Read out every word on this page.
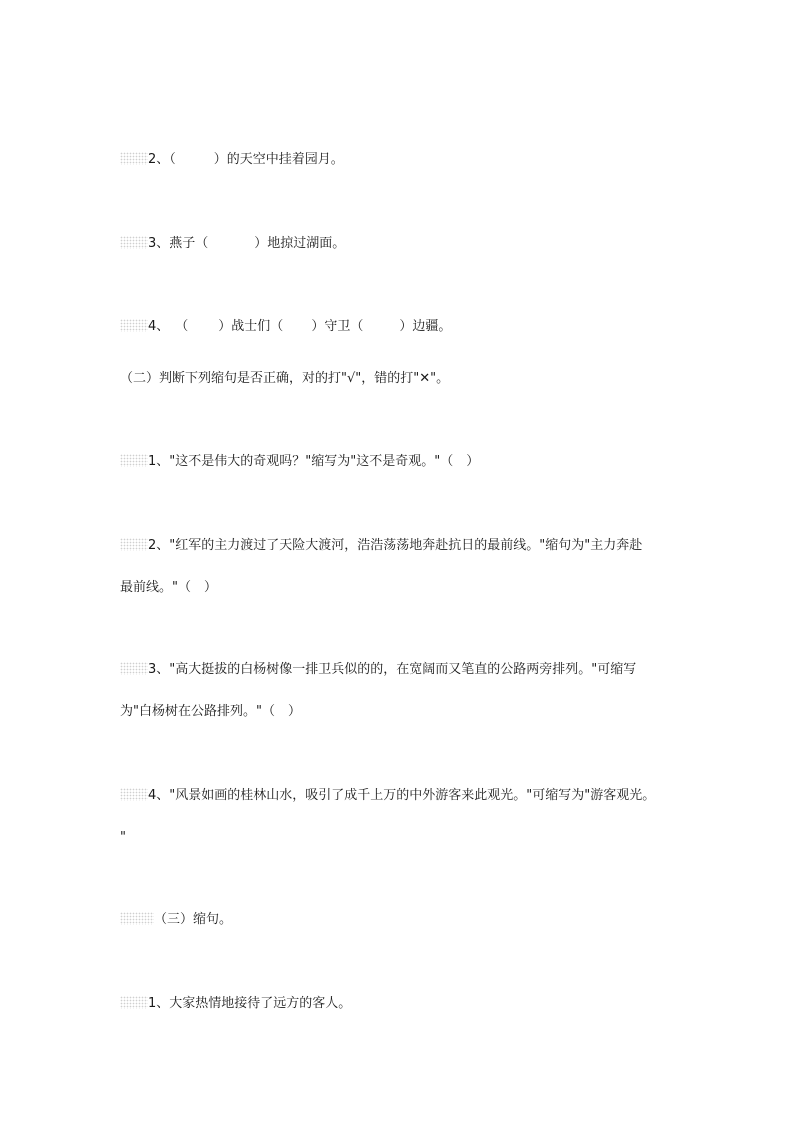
2、（	）的天空中挂着园月。
3、燕子（	）地掠过湖面。
4、 （ ）战士们（ ）守卫（	）边疆。
（二）判断下列缩句是否正确，对的打"√"，错的打"✕"。
1、"这不是伟大的奇观吗？"缩写为"这不是奇观。"（　）
2、"红军的主力渡过了天险大渡河，浩浩荡荡地奔赴抗日的最前线。"缩句为"主力奔赴
最前线。"（　）
3、"高大挺拔的白杨树像一排卫兵似的的，在宽阔而又笔直的公路两旁排列。"可缩写
为"白杨树在公路排列。"（　）
4、"风景如画的桂林山水，吸引了成千上万的中外游客来此观光。"可缩写为"游客观光。
"
（三）缩句。
1、大家热情地接待了远方的客人。
